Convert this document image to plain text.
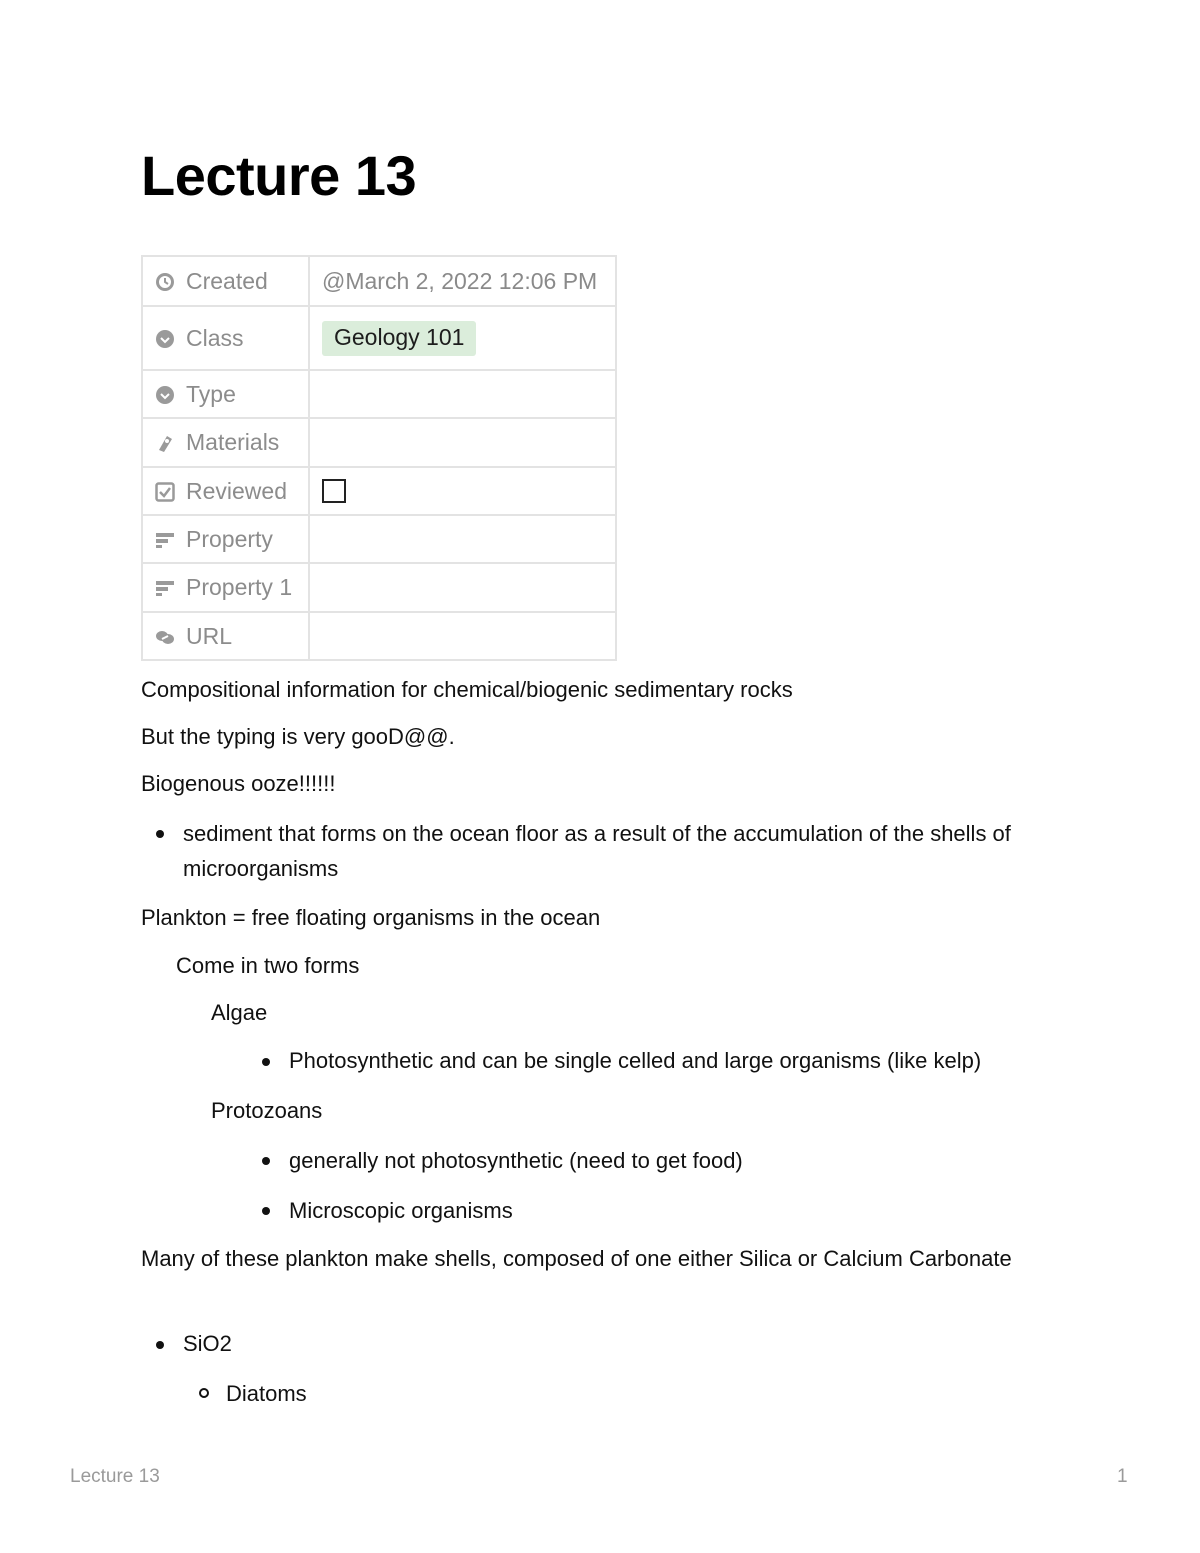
Lecture 13
Created	@March 2, 2022 12:06 PM
Class	Geology 101
Type	
Materials	
Reviewed	
Property	
Property 1	
URL	
Compositional information for chemical/biogenic sedimentary rocks
But the typing is very gooD@@.
Biogenous ooze!!!!!!
sediment that forms on the ocean floor as a result of the accumulation of the shells of microorganisms
Plankton = free floating organisms in the ocean
Come in two forms
Algae
Photosynthetic and can be single celled and large organisms (like kelp)
Protozoans
generally not photosynthetic (need to get food)
Microscopic organisms
Many of these plankton make shells, composed of one either Silica or Calcium Carbonate
SiO2
Diatoms
Lecture 13	1
